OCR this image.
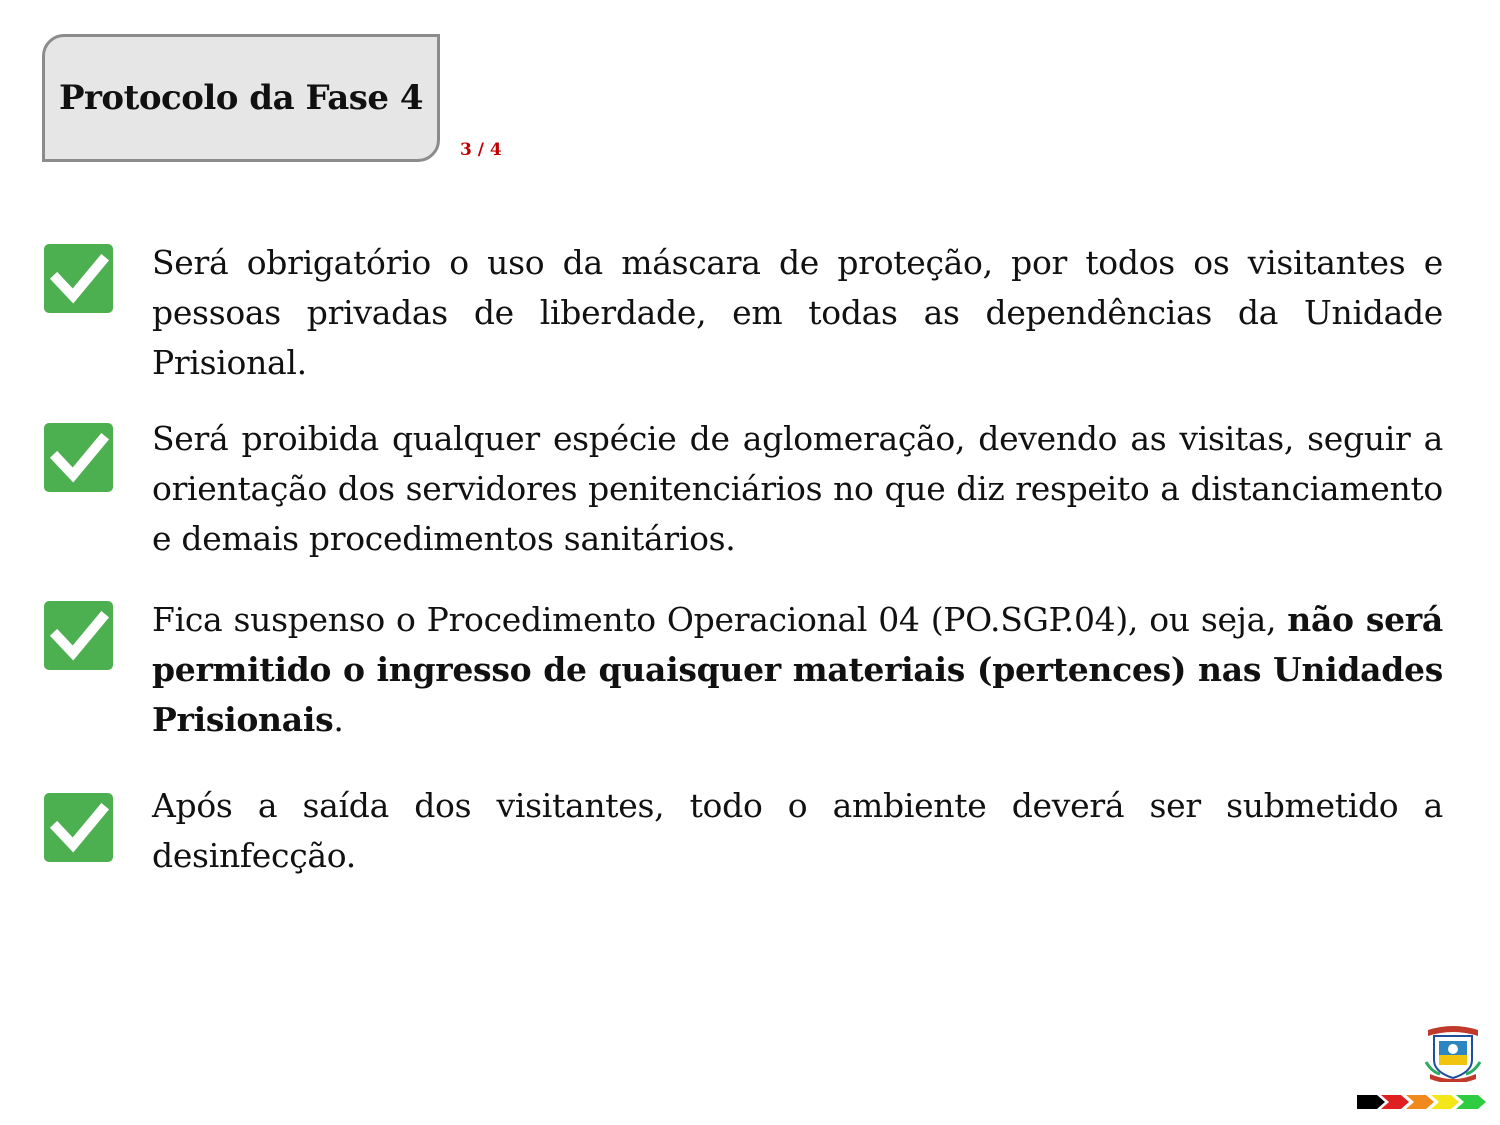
Protocolo da Fase 4
3 / 4
Será obrigatório o uso da máscara de proteção, por todos os visitantes e pessoas privadas de liberdade, em todas as dependências da Unidade Prisional.
Será proibida qualquer espécie de aglomeração, devendo as visitas, seguir a orientação dos servidores penitenciários no que diz respeito a distanciamento e demais procedimentos sanitários.
Fica suspenso o Procedimento Operacional 04 (PO.SGP.04), ou seja, não será permitido o ingresso de quaisquer materiais (pertences) nas Unidades Prisionais.
Após a saída dos visitantes, todo o ambiente deverá ser submetido a desinfecção.
